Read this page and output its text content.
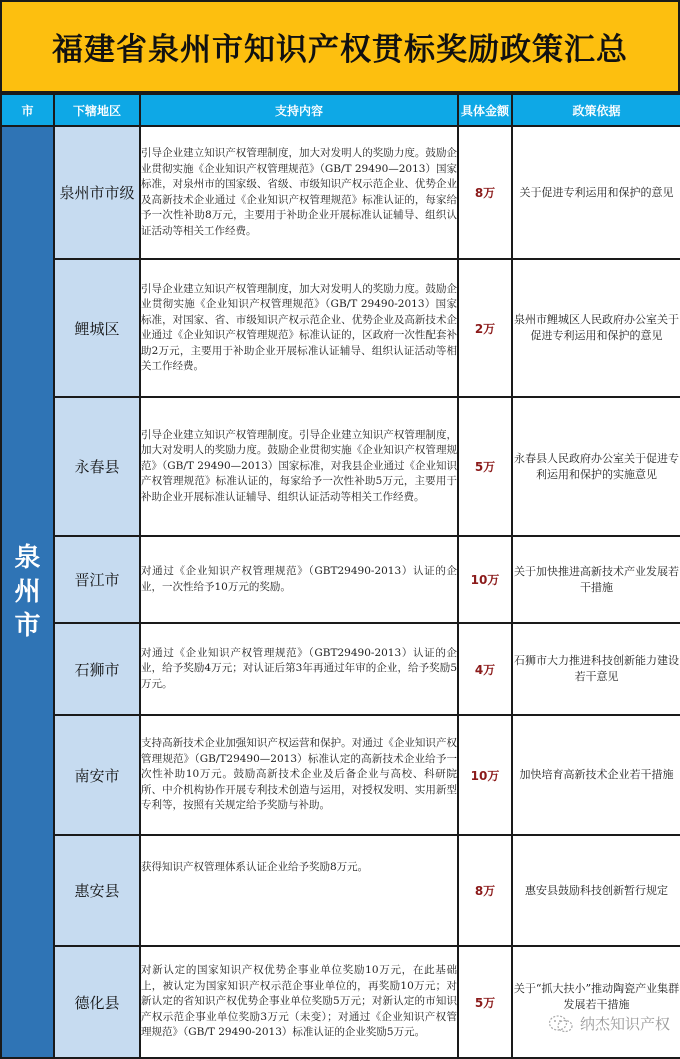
福建省泉州市知识产权贯标奖励政策汇总
市	下辖地区	支持内容	具体金额	政策依据
泉州市	泉州市市级	引导企业建立知识产权管理制度，加大对发明人的奖励力度。鼓励企业贯彻实施《企业知识产权管理规范》（GB/T 29490—2013）国家标准，对泉州市的国家级、省级、市级知识产权示范企业、优势企业及高新技术企业通过《企业知识产权管理规范》标准认证的，每家给予一次性补助8万元，主要用于补助企业开展标准认证辅导、组织认证活动等相关工作经费。	8万	关于促进专利运用和保护的意见
	鲤城区	引导企业建立知识产权管理制度，加大对发明人的奖励力度。鼓励企业贯彻实施《企业知识产权管理规范》（GB/T 29490-2013）国家标准，对国家、省、市级知识产权示范企业、优势企业及高新技术企业通过《企业知识产权管理规范》标准认证的，区政府一次性配套补助2万元，主要用于补助企业开展标准认证辅导、组织认证活动等相关工作经费。	2万	泉州市鲤城区人民政府办公室关于促进专利运用和保护的意见
	永春县	引导企业建立知识产权管理制度。引导企业建立知识产权管理制度，加大对发明人的奖励力度。鼓励企业贯彻实施《企业知识产权管理规范》（GB/T 29490—2013）国家标准，对我县企业通过《企业知识产权管理规范》标准认证的，每家给予一次性补助5万元，主要用于补助企业开展标准认证辅导、组织认证活动等相关工作经费。	5万	永春县人民政府办公室关于促进专利运用和保护的实施意见
	晋江市	对通过《企业知识产权管理规范》（GBT29490-2013）认证的企业，一次性给予10万元的奖励。	10万	关于加快推进高新技术产业发展若干措施
	石狮市	对通过《企业知识产权管理规范》（GBT29490-2013）认证的企业，给予奖励4万元；对认证后第3年再通过年审的企业，给予奖励5万元。	4万	石狮市大力推进科技创新能力建设若干意见
	南安市	支持高新技术企业加强知识产权运营和保护。对通过《企业知识产权管理规范》（GB/T29490—2013）标准认定的高新技术企业给予一次性补助10万元。鼓励高新技术企业及后备企业与高校、科研院所、中介机构协作开展专利技术创造与运用，对授权发明、实用新型专利等，按照有关规定给予奖励与补助。	10万	加快培育高新技术企业若干措施
	惠安县	获得知识产权管理体系认证企业给予奖励8万元。	8万	惠安县鼓励科技创新暂行规定
	德化县	对新认定的国家知识产权优势企事业单位奖励10万元，在此基础上，被认定为国家知识产权示范企事业单位的，再奖励10万元；对新认定的省知识产权优势企事业单位奖励5万元；对新认定的市知识产权示范企事业单位奖励3万元（未变）；对通过《企业知识产权管理规范》（GB/T 29490-2013）标准认证的企业奖励5万元。	5万	关于“抓大扶小”推动陶瓷产业集群发展若干措施
纳杰知识产权
